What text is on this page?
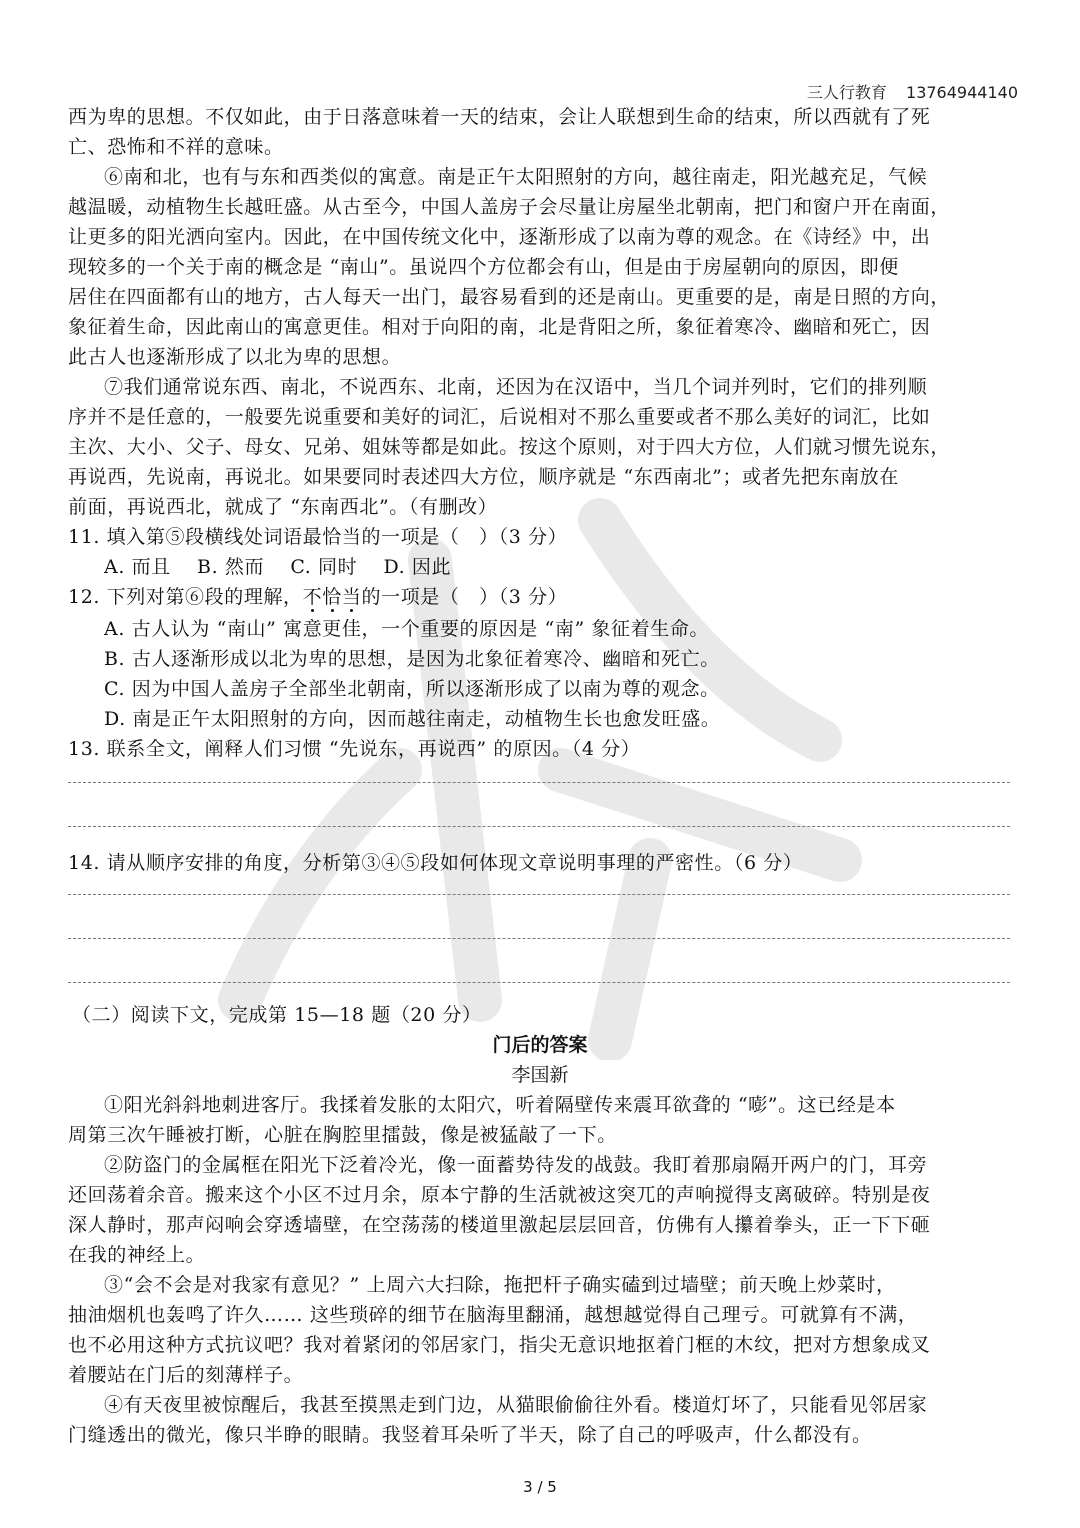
三人行教育 13764944140
西为卑的思想。不仅如此，由于日落意味着一天的结束，会让人联想到生命的结束，所以西就有了死
亡、恐怖和不祥的意味。
⑥南和北，也有与东和西类似的寓意。南是正午太阳照射的方向，越往南走，阳光越充足，气候
越温暖，动植物生长越旺盛。从古至今，中国人盖房子会尽量让房屋坐北朝南，把门和窗户开在南面，
让更多的阳光洒向室内。因此，在中国传统文化中，逐渐形成了以南为尊的观念。在《诗经》中，出
现较多的一个关于南的概念是 “南山”。虽说四个方位都会有山，但是由于房屋朝向的原因，即便
居住在四面都有山的地方，古人每天一出门，最容易看到的还是南山。更重要的是，南是日照的方向，
象征着生命，因此南山的寓意更佳。相对于向阳的南，北是背阳之所，象征着寒冷、幽暗和死亡，因
此古人也逐渐形成了以北为卑的思想。
⑦我们通常说东西、南北，不说西东、北南，还因为在汉语中，当几个词并列时，它们的排列顺
序并不是任意的，一般要先说重要和美好的词汇，后说相对不那么重要或者不那么美好的词汇，比如
主次、大小、父子、母女、兄弟、姐妹等都是如此。按这个原则，对于四大方位，人们就习惯先说东，
再说西，先说南，再说北。如果要同时表述四大方位，顺序就是 “东西南北”；或者先把东南放在
前面，再说西北，就成了 “东南西北”。（有删改）
11. 填入第⑤段横线处词语最恰当的一项是（　）（3 分）
A. 而且　 B. 然而　 C. 同时　 D. 因此
12. 下列对第⑥段的理解，不恰当的一项是（　）（3 分）
A. 古人认为 “南山” 寓意更佳，一个重要的原因是 “南” 象征着生命。
B. 古人逐渐形成以北为卑的思想，是因为北象征着寒冷、幽暗和死亡。
C. 因为中国人盖房子全部坐北朝南，所以逐渐形成了以南为尊的观念。
D. 南是正午太阳照射的方向，因而越往南走，动植物生长也愈发旺盛。
13. 联系全文，阐释人们习惯 “先说东，再说西” 的原因。（4 分）
14. 请从顺序安排的角度，分析第③④⑤段如何体现文章说明事理的严密性。（6 分）
（二）阅读下文，完成第 15—18 题（20 分）
门后的答案
李国新
①阳光斜斜地刺进客厅。我揉着发胀的太阳穴，听着隔壁传来震耳欲聋的 “嘭”。这已经是本
周第三次午睡被打断，心脏在胸腔里擂鼓，像是被猛敲了一下。
②防盗门的金属框在阳光下泛着冷光，像一面蓄势待发的战鼓。我盯着那扇隔开两户的门，耳旁
还回荡着余音。搬来这个小区不过月余，原本宁静的生活就被这突兀的声响搅得支离破碎。特别是夜
深人静时，那声闷响会穿透墙壁，在空荡荡的楼道里激起层层回音，仿佛有人攥着拳头，正一下下砸
在我的神经上。
③“会不会是对我家有意见？” 上周六大扫除，拖把杆子确实磕到过墙壁；前天晚上炒菜时，
抽油烟机也轰鸣了许久…… 这些琐碎的细节在脑海里翻涌，越想越觉得自己理亏。可就算有不满，
也不必用这种方式抗议吧？我对着紧闭的邻居家门，指尖无意识地抠着门框的木纹，把对方想象成叉
着腰站在门后的刻薄样子。
④有天夜里被惊醒后，我甚至摸黑走到门边，从猫眼偷偷往外看。楼道灯坏了，只能看见邻居家
门缝透出的微光，像只半睁的眼睛。我竖着耳朵听了半天，除了自己的呼吸声，什么都没有。
3 / 5
